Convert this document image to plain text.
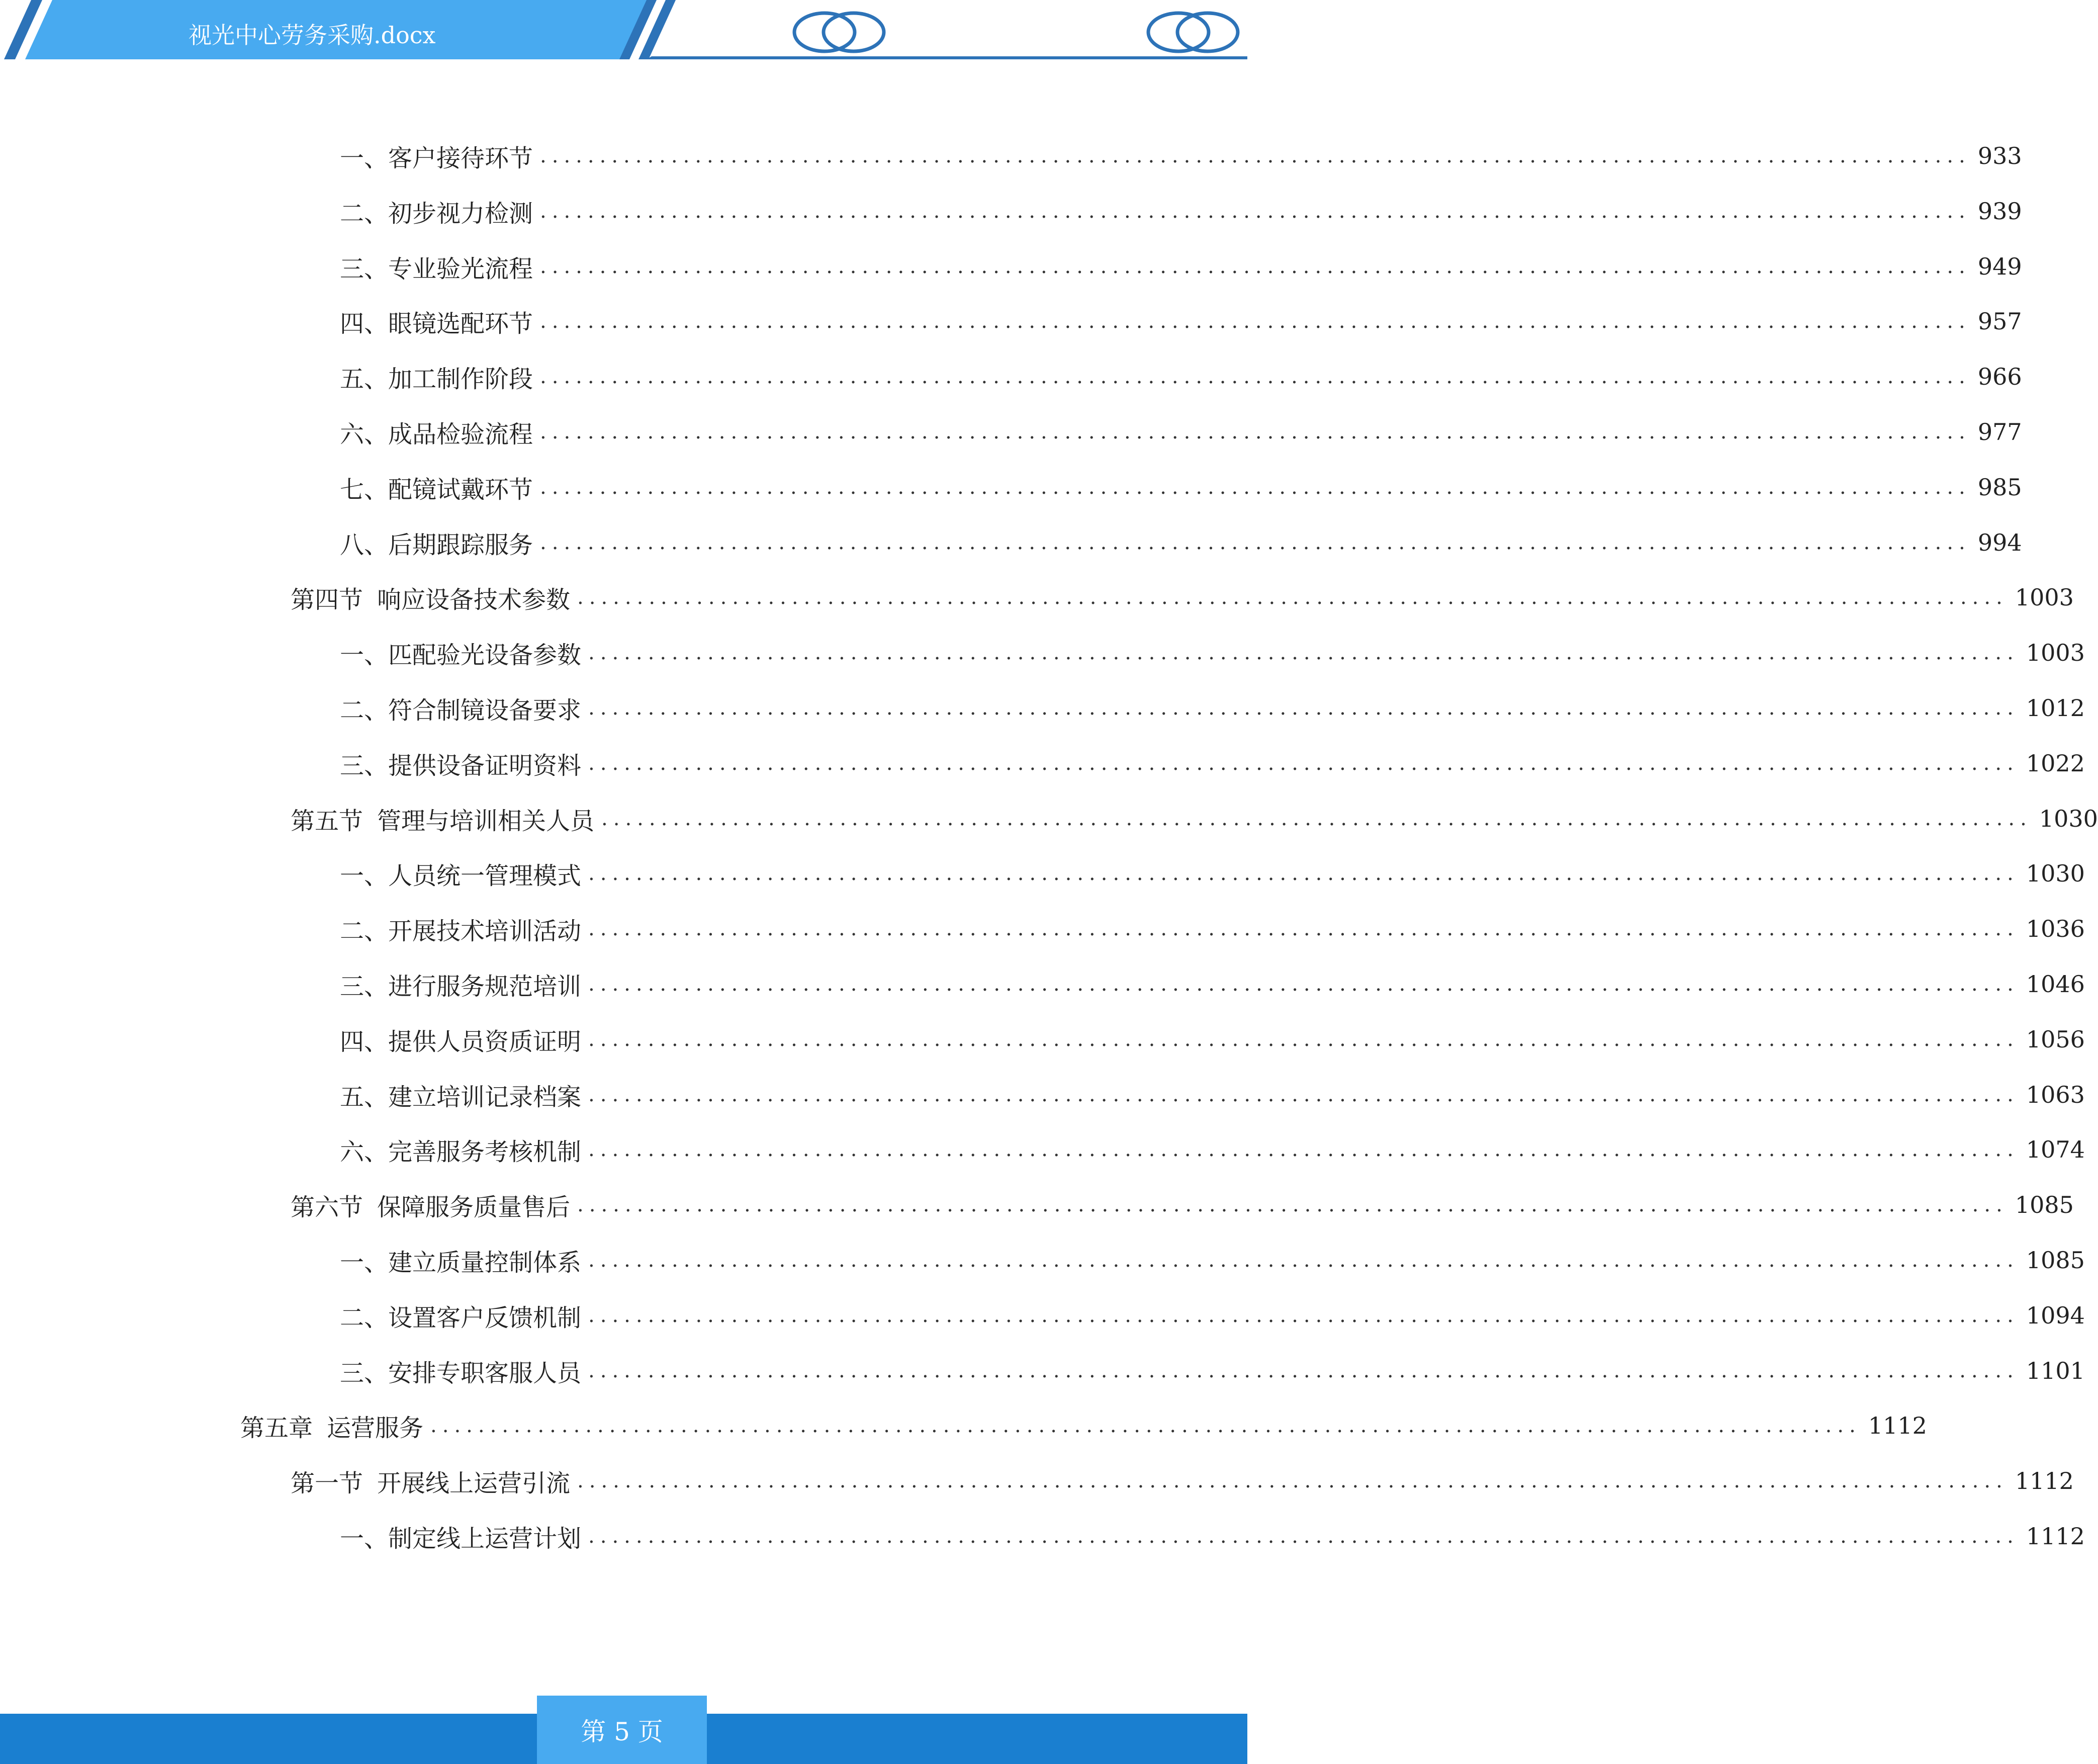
视光中心劳务采购.docx
一、 客户接待环节 ........................................................................................................................ 933
二、 初步视力检测 ........................................................................................................................ 939
三、 专业验光流程 ........................................................................................................................ 949
四、 眼镜选配环节 ........................................................................................................................ 957
五、 加工制作阶段 ........................................................................................................................ 966
六、 成品检验流程 ........................................................................................................................ 977
七、 配镜试戴环节 ........................................................................................................................ 985
八、 后期跟踪服务 ........................................................................................................................ 994
第四节 响应设备技术参数 ........................................................................................................................ 1003
一、 匹配验光设备参数 ........................................................................................................................ 1003
二、 符合制镜设备要求 ........................................................................................................................ 1012
三、 提供设备证明资料 ........................................................................................................................ 1022
第五节 管理与培训相关人员 ........................................................................................................................ 1030
一、 人员统一管理模式 ........................................................................................................................ 1030
二、 开展技术培训活动 ........................................................................................................................ 1036
三、 进行服务规范培训 ........................................................................................................................ 1046
四、 提供人员资质证明 ........................................................................................................................ 1056
五、 建立培训记录档案 ........................................................................................................................ 1063
六、 完善服务考核机制 ........................................................................................................................ 1074
第六节 保障服务质量售后 ........................................................................................................................ 1085
一、 建立质量控制体系 ........................................................................................................................ 1085
二、 设置客户反馈机制 ........................................................................................................................ 1094
三、 安排专职客服人员 ........................................................................................................................ 1101
第五章 运营服务 ........................................................................................................................ 1112
第一节 开展线上运营引流 ........................................................................................................................ 1112
一、 制定线上运营计划 ........................................................................................................................ 1112
第 5 页
